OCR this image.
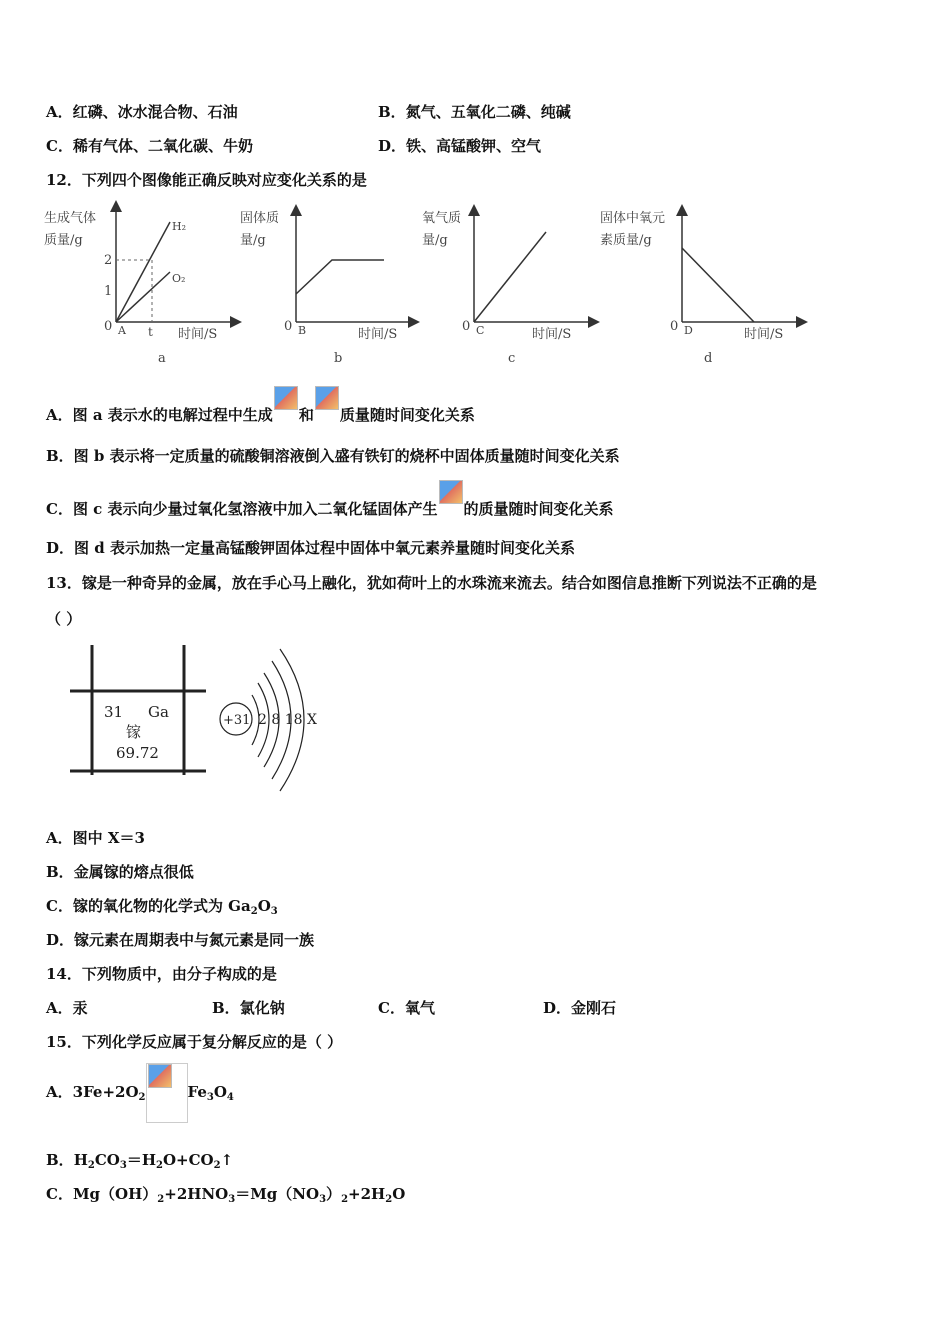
A．红磷、冰水混合物、石油	B．氮气、五氧化二磷、纯碱
C．稀有气体、二氧化碳、牛奶	D．铁、高锰酸钾、空气
12．下列四个图像能正确反映对应变化关系的是
生成气体
质量/g
H₂
O₂
2
1
0 A t 时间/S
a
固体质
量/g
0 B	时间/S
b
氧气质
量/g
0 C	时间/S
c
固体中氧元
素质量/g
0 D	时间/S
d
A．图 a 表示水的电解过程中生成 和 质量随时间变化关系
B．图 b 表示将一定质量的硫酸铜溶液倒入盛有铁钉的烧杯中固体质量随时间变化关系
C．图 c 表示向少量过氧化氢溶液中加入二氧化锰固体产生 的质量随时间变化关系
D．图 d 表示加热一定量高锰酸钾固体过程中固体中氧元素养量随时间变化关系
13．镓是一种奇异的金属，放在手心马上融化，犹如荷叶上的水珠流来流去。结合如图信息推断下列说法不正确的是
（ ）
31 Ga
镓
69.72
+31 2 8 18 X
A．图中 X＝3
B．金属镓的熔点很低
C．镓的氧化物的化学式为 $Ga_2O_3$
D．镓元素在周期表中与氮元素是同一族
14．下列物质中，由分子构成的是
A．汞	B．氯化钠	C．氧气	D．金刚石
15．下列化学反应属于复分解反应的是（ ）
A．$3Fe+2O_2$	$Fe_3O_4$
B．$H_2CO_3=H_2O+CO_2↑$
C．$Mg(OH)_2+2HNO_3=Mg(NO_3)_2+2H_2O$
